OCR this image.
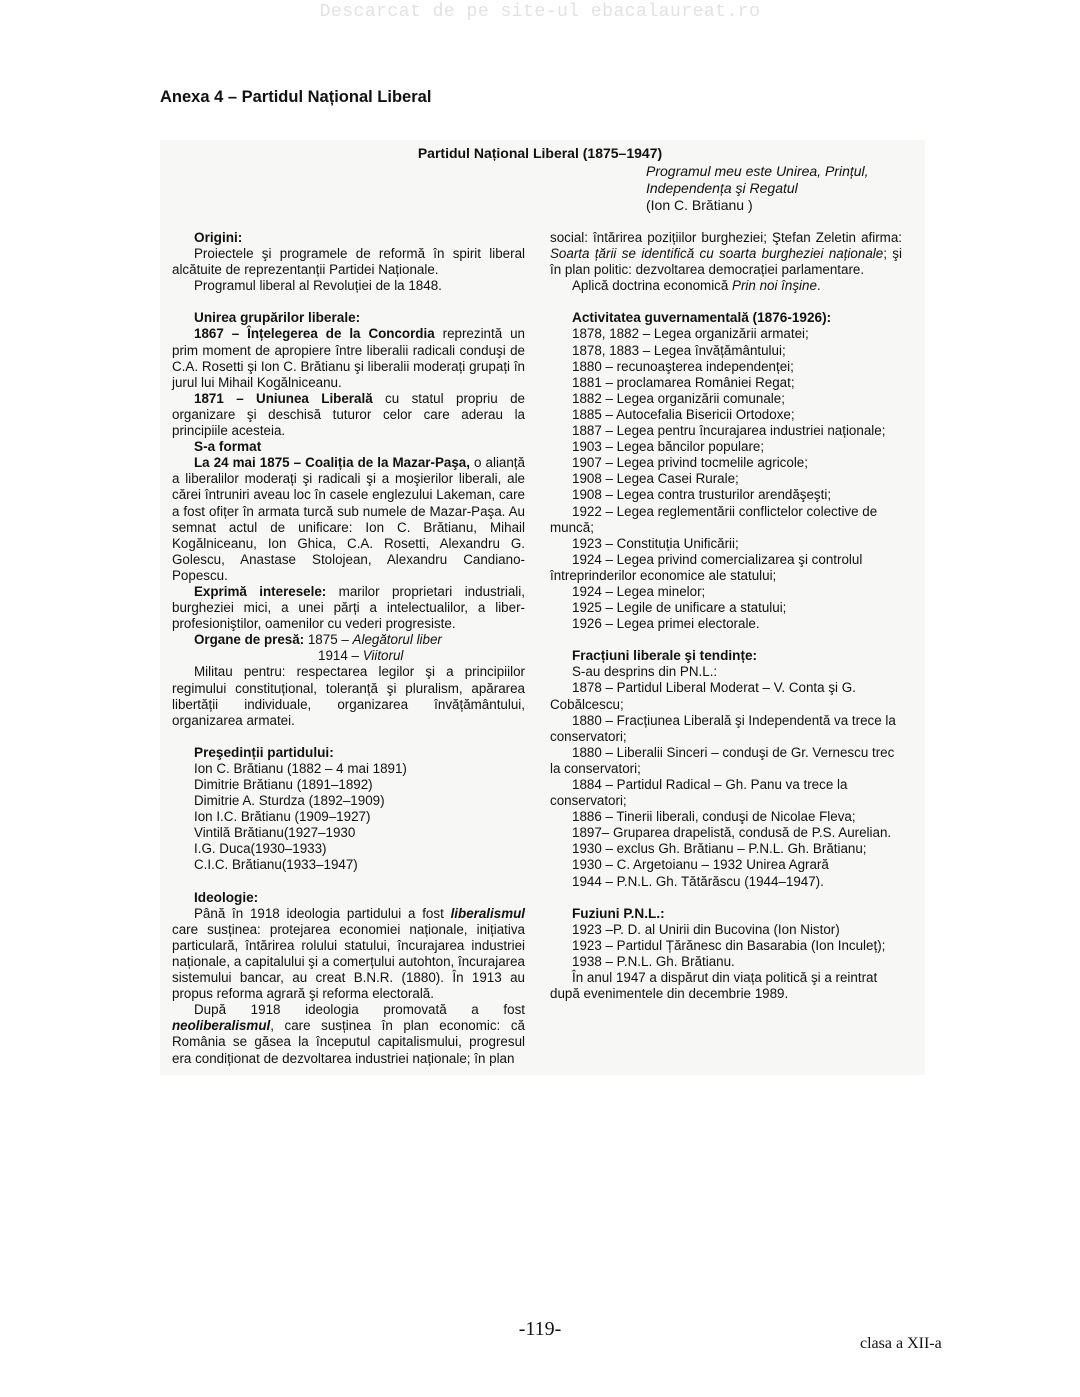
Descarcat de pe site-ul ebacalaureat.ro
Anexa 4 – Partidul Național Liberal
Partidul Național Liberal (1875–1947)
Programul meu este Unirea, Prințul,
Independența şi Regatul
(Ion C. Brătianu )
Origini:

Proiectele şi programele de reformă în spirit liberal alcătuite de reprezentanții Partidei Naționale.

Programul liberal al Revoluției de la 1848.

Unirea grupărilor liberale:

1867 – Înțelegerea de la Concordia reprezintă un prim moment de apropiere între liberalii radicali conduşi de C.A. Rosetti şi Ion C. Brătianu şi liberalii moderați grupați în jurul lui Mihail Kogălniceanu.

1871 – Uniunea Liberală cu statul propriu de organizare şi deschisă tuturor celor care aderau la principiile acesteia.

S-a format

La 24 mai 1875 – Coaliția de la Mazar-Paşa, o alianță a liberalilor moderați şi radicali şi a moşierilor liberali, ale cărei întruniri aveau loc în casele englezului Lakeman, care a fost ofițer în armata turcă sub numele de Mazar-Paşa. Au semnat actul de unificare: Ion C. Brătianu, Mihail Kogălniceanu, Ion Ghica, C.A. Rosetti, Alexandru G. Golescu, Anastase Stolojean, Alexandru Candiano-Popescu.

Exprimă interesele: marilor proprietari industriali, burgheziei mici, a unei părți a intelectualilor, a liber-profesioniştilor, oamenilor cu vederi progresiste.

Organe de presă: 1875 – Alegătorul liber

1914 – Viitorul

Militau pentru: respectarea legilor şi a principiilor regimului constituțional, toleranță şi pluralism, apărarea libertății individuale, organizarea învățământului, organizarea armatei.

Preşedinții partidului:

Ion C. Brătianu (1882 – 4 mai 1891)

Dimitrie Brătianu (1891–1892)

Dimitrie A. Sturdza (1892–1909)

Ion I.C. Brătianu (1909–1927)

Vintilă Brătianu(1927–1930

I.G. Duca(1930–1933)

C.I.C. Brătianu(1933–1947)

Ideologie:

Până în 1918 ideologia partidului a fost liberalismul care susținea: protejarea economiei naționale, inițiativa particulară, întărirea rolului statului, încurajarea industriei naționale, a capitalului şi a comerțului autohton, încurajarea sistemului bancar, au creat B.N.R. (1880). În 1913 au propus reforma agrară şi reforma electorală.

După 1918 ideologia promovată a fost neoliberalismul, care susținea în plan economic: că România se găsea la începutul capitalismului, progresul era condiționat de dezvoltarea industriei naționale; în plan

social: întărirea pozițiilor burgheziei; Ştefan Zeletin afirma: Soarta țării se identifică cu soarta burgheziei naționale; şi în plan politic: dezvoltarea democrației parlamentare.

Aplică doctrina economică Prin noi înşine.

Activitatea guvernamentală (1876-1926):

1878, 1882 – Legea organizării armatei;

1878, 1883 – Legea învățământului;

1880 – recunoaşterea independenței;

1881 – proclamarea României Regat;

1882 – Legea organizării comunale;

1885 – Autocefalia Bisericii Ortodoxe;

1887 – Legea pentru încurajarea industriei naționale;

1903 – Legea băncilor populare;

1907 – Legea privind tocmelile agricole;

1908 – Legea Casei Rurale;

1908 – Legea contra trusturilor arendăşeşti;

1922 – Legea reglementării conflictelor colective de muncă;

1923 – Constituția Unificării;

1924 – Legea privind comercializarea şi controlul întreprinderilor economice ale statului;

1924 – Legea minelor;

1925 – Legile de unificare a statului;

1926 – Legea primei electorale.

Fracțiuni liberale şi tendințe:

S-au desprins din PN.L.:

1878 – Partidul Liberal Moderat – V. Conta şi G. Cobălcescu;

1880 – Fracțiunea Liberală şi Independentă va trece la conservatori;

1880 – Liberalii Sinceri – conduşi de Gr. Vernescu trec la conservatori;

1884 – Partidul Radical – Gh. Panu va trece la conservatori;

1886 – Tinerii liberali, conduşi de Nicolae Fleva;

1897– Gruparea drapelistă, condusă de P.S. Aurelian.

1930 – exclus Gh. Brătianu – P.N.L. Gh. Brătianu;

1930 – C. Argetoianu – 1932 Unirea Agrară

1944 – P.N.L. Gh. Tătărăscu (1944–1947).

Fuziuni P.N.L.:

1923 –P. D. al Unirii din Bucovina (Ion Nistor)

1923 – Partidul Țărănesc din Basarabia (Ion Inculeț);

1938 – P.N.L. Gh. Brătianu.

În anul 1947 a dispărut din viața politică şi a reintrat după evenimentele din decembrie 1989.

-119-
clasa a XII-a
